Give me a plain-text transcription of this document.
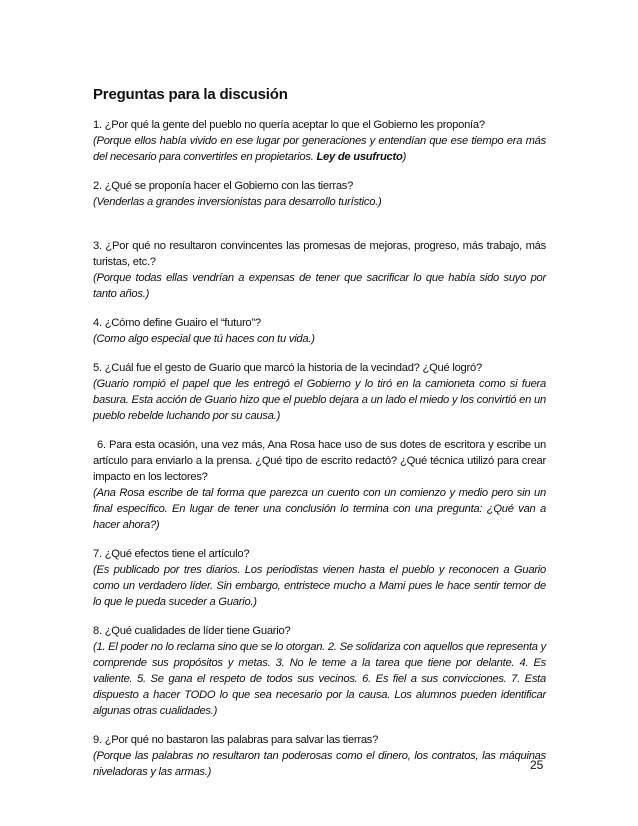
Preguntas para la discusión

1. ¿Por qué la gente del pueblo no quería aceptar lo que el Gobierno les proponía?

(Porque ellos había vivido en ese lugar por generaciones y entendían que ese tiempo era más del necesario para convertirles en propietarios. Ley de usufructo)

2. ¿Qué se proponía hacer el Gobierno con las tierras?

(Venderlas a grandes inversionistas para desarrollo turístico.)

3. ¿Por qué no resultaron convincentes las promesas de mejoras, progreso, más trabajo, más turistas, etc.?

(Porque todas ellas vendrían a expensas de tener que sacrificar lo que había sido suyo por tanto años.)

4. ¿Cómo define Guairo el “futuro”?

(Como algo especial que tú haces con tu vida.)

5. ¿Cuál fue el gesto de Guario que marcó la historia de la vecindad? ¿Qué logró?

(Guario rompió el papel que les entregó el Gobierno y lo tiró en la camioneta como si fuera basura. Esta acción de Guario hizo que el pueblo dejara a un lado el miedo y los convirtió en un pueblo rebelde luchando por su causa.)

6. Para esta ocasión, una vez más, Ana Rosa hace uso de sus dotes de escritora y escribe un artículo para enviarlo a la prensa. ¿Qué tipo de escrito redactó? ¿Qué técnica utilizó para crear impacto en los lectores?

(Ana Rosa escribe de tal forma que parezca un cuento con un comienzo y medio pero sin un final específico. En lugar de tener una conclusión lo termina con una pregunta: ¿Qué van a hacer ahora?)

7. ¿Qué efectos tiene el artículo?

(Es publicado por tres diarios. Los periodistas vienen hasta el pueblo y reconocen a Guario como un verdadero líder. Sin embargo, entristece mucho a Mami pues le hace sentir temor de lo que le pueda suceder a Guario.)

8. ¿Qué cualidades de líder tiene Guario?

(1. El poder no lo reclama sino que se lo otorgan. 2. Se solidariza con aquellos que representa y comprende sus propósitos y metas. 3. No le teme a la tarea que tiene por delante. 4. Es valiente. 5. Se gana el respeto de todos sus vecinos. 6. Es fiel a sus convicciones. 7. Esta dispuesto a hacer TODO lo que sea necesario por la causa. Los alumnos pueden identificar algunas otras cualidades.)

9. ¿Por qué no bastaron las palabras para salvar las tierras?

(Porque las palabras no resultaron tan poderosas como el dinero, los contratos, las máquinas niveladoras y las armas.)	25
